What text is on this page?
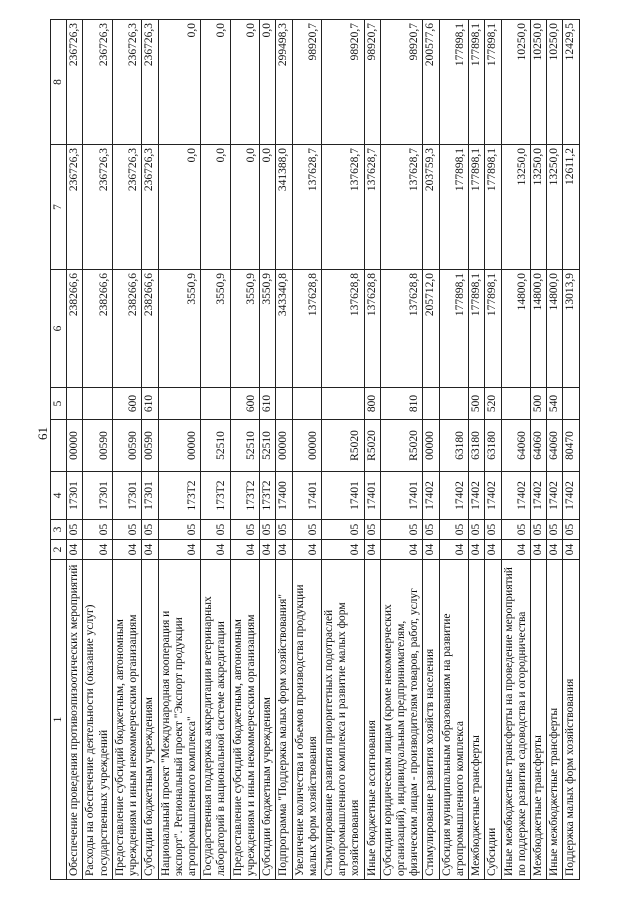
61
1	2	3	4		5	6	7	8
Обеспечение проведения противоэпизоотических мероприятий	04	05	17301	00000		238266,6	236726,3	236726,3
Расходы на обеспечение деятельности (оказание услуг) государственных учреждений	04	05	17301	00590		238266,6	236726,3	236726,3
Предоставление субсидий бюджетным, автономным учреждениям и иным некоммерческим организациям	04	05	17301	00590	600	238266,6	236726,3	236726,3
Субсидии бюджетным учреждениям	04	05	17301	00590	610	238266,6	236726,3	236726,3
Национальный проект "Международная кооперация и экспорт". Региональный проект "Экспорт продукции агропромышленного комплекса"	04	05	173T2	00000		3550,9	0,0	0,0
Государственная поддержка аккредитации ветеринарных лабораторий в национальной системе аккредитации	04	05	173T2	52510		3550,9	0,0	0,0
Предоставление субсидий бюджетным, автономным учреждениям и иным некоммерческим организациям	04	05	173T2	52510	600	3550,9	0,0	0,0
Субсидии бюджетным учреждениям	04	05	173T2	52510	610	3550,9	0,0	0,0
Подпрограмма "Поддержка малых форм хозяйствования"	04	05	17400	00000		343340,8	341388,0	299498,3
Увеличение количества и объемов производства продукции малых форм хозяйствования	04	05	17401	00000		137628,8	137628,7	98920,7
Стимулирование развития приоритетных подотраслей агропромышленного комплекса и развитие малых форм хозяйствования	04	05	17401	R5020		137628,8	137628,7	98920,7
Иные бюджетные ассигнования	04	05	17401	R5020	800	137628,8	137628,7	98920,7
Субсидии юридическим лицам (кроме некоммерческих организаций), индивидуальным предпринимателям, физическим лицам - производителям товаров, работ, услуг	04	05	17401	R5020	810	137628,8	137628,7	98920,7
Стимулирование развития хозяйств населения	04	05	17402	00000		205712,0	203759,3	200577,6
Субсидия муниципальным образованиям на развитие агропромышленного комплекса	04	05	17402	63180		177898,1	177898,1	177898,1
Межбюджетные трансферты	04	05	17402	63180	500	177898,1	177898,1	177898,1
Субсидии	04	05	17402	63180	520	177898,1	177898,1	177898,1
Иные межбюджетные трансферты на проведение мероприятий по поддержке развития садоводства и огородничества	04	05	17402	64060		14800,0	13250,0	10250,0
Межбюджетные трансферты	04	05	17402	64060	500	14800,0	13250,0	10250,0
Иные межбюджетные трансферты	04	05	17402	64060	540	14800,0	13250,0	10250,0
Поддержка малых форм хозяйствования	04	05	17402	80470		13013,9	12611,2	12429,5
